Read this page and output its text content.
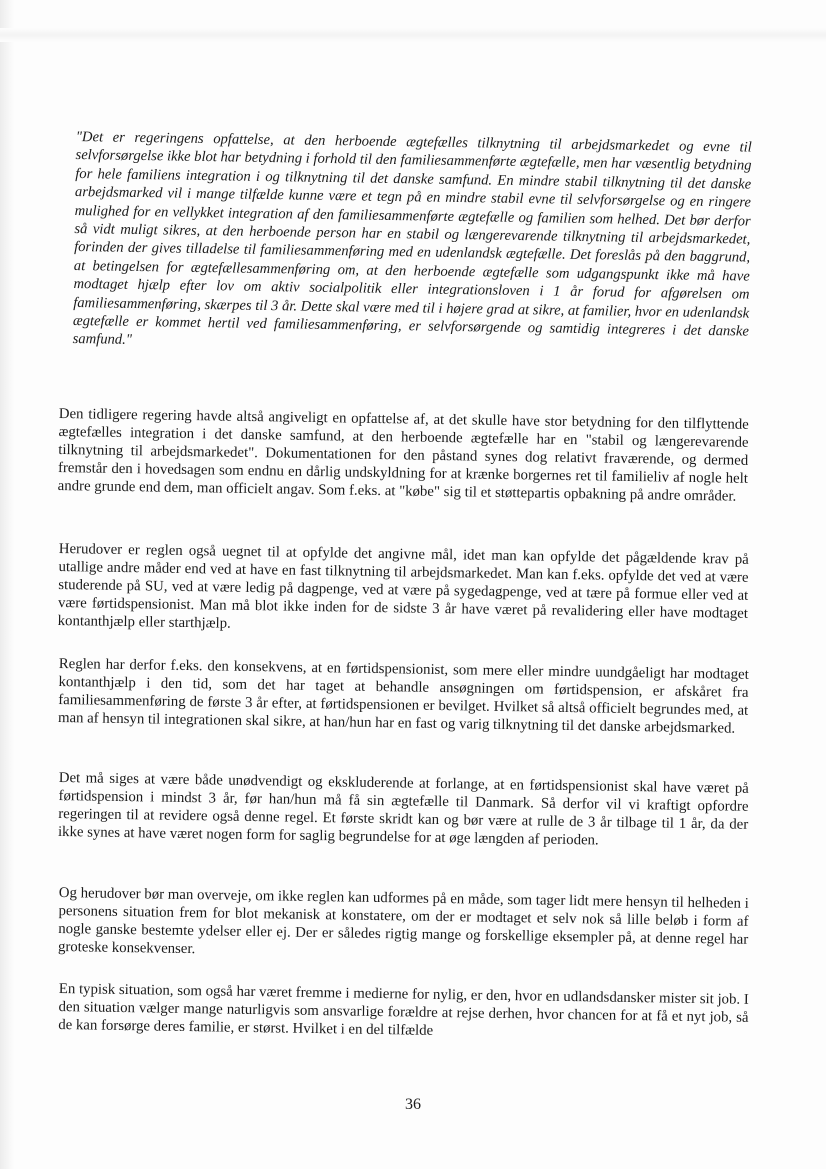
"Det er regeringens opfattelse, at den herboende ægtefælles tilknytning til arbejdsmarkedet og evne til selvforsørgelse ikke blot har betydning i forhold til den familiesammenførte ægtefælle, men har væsentlig betydning for hele familiens integration i og tilknytning til det danske samfund. En mindre stabil tilknytning til det danske arbejdsmarked vil i mange tilfælde kunne være et tegn på en mindre stabil evne til selvforsørgelse og en ringere mulighed for en vellykket integration af den familiesammenførte ægtefælle og familien som helhed. Det bør derfor så vidt muligt sikres, at den herboende person har en stabil og længerevarende tilknytning til arbejdsmarkedet, forinden der gives tilladelse til familiesammenføring med en udenlandsk ægtefælle. Det foreslås på den baggrund, at betingelsen for ægtefællesammenføring om, at den herboende ægtefælle som udgangspunkt ikke må have modtaget hjælp efter lov om aktiv socialpolitik eller integrationsloven i 1 år forud for afgørelsen om familiesammenføring, skærpes til 3 år. Dette skal være med til i højere grad at sikre, at familier, hvor en udenlandsk ægtefælle er kommet hertil ved familiesammenføring, er selvforsørgende og samtidig integreres i det danske samfund."

Den tidligere regering havde altså angiveligt en opfattelse af, at det skulle have stor betydning for den tilflyttende ægtefælles integration i det danske samfund, at den herboende ægtefælle har en "stabil og længerevarende tilknytning til arbejdsmarkedet". Dokumentationen for den påstand synes dog relativt fraværende, og dermed fremstår den i hovedsagen som endnu en dårlig undskyldning for at krænke borgernes ret til familieliv af nogle helt andre grunde end dem, man officielt angav. Som f.eks. at "købe" sig til et støttepartis opbakning på andre områder.

Herudover er reglen også uegnet til at opfylde det angivne mål, idet man kan opfylde det pågældende krav på utallige andre måder end ved at have en fast tilknytning til arbejdsmarkedet. Man kan f.eks. opfylde det ved at være studerende på SU, ved at være ledig på dagpenge, ved at være på sygedagpenge, ved at tære på formue eller ved at være førtidspensionist. Man må blot ikke inden for de sidste 3 år have været på revalidering eller have modtaget kontanthjælp eller starthjælp.

Reglen har derfor f.eks. den konsekvens, at en førtidspensionist, som mere eller mindre uundgåeligt har modtaget kontanthjælp i den tid, som det har taget at behandle ansøgningen om førtidspension, er afskåret fra familiesammenføring de første 3 år efter, at førtidspensionen er bevilget. Hvilket så altså officielt begrundes med, at man af hensyn til integrationen skal sikre, at han/hun har en fast og varig tilknytning til det danske arbejdsmarked.

Det må siges at være både unødvendigt og ekskluderende at forlange, at en førtidspensionist skal have været på førtidspension i mindst 3 år, før han/hun må få sin ægtefælle til Danmark. Så derfor vil vi kraftigt opfordre regeringen til at revidere også denne regel. Et første skridt kan og bør være at rulle de 3 år tilbage til 1 år, da der ikke synes at have været nogen form for saglig begrundelse for at øge længden af perioden.

Og herudover bør man overveje, om ikke reglen kan udformes på en måde, som tager lidt mere hensyn til helheden i personens situation frem for blot mekanisk at konstatere, om der er modtaget et selv nok så lille beløb i form af nogle ganske bestemte ydelser eller ej. Der er således rigtig mange og forskellige eksempler på, at denne regel har groteske konsekvenser.

En typisk situation, som også har været fremme i medierne for nylig, er den, hvor en udlandsdansker mister sit job. I den situation vælger mange naturligvis som ansvarlige forældre at rejse derhen, hvor chancen for at få et nyt job, så de kan forsørge deres familie, er størst. Hvilket i en del tilfælde

36
